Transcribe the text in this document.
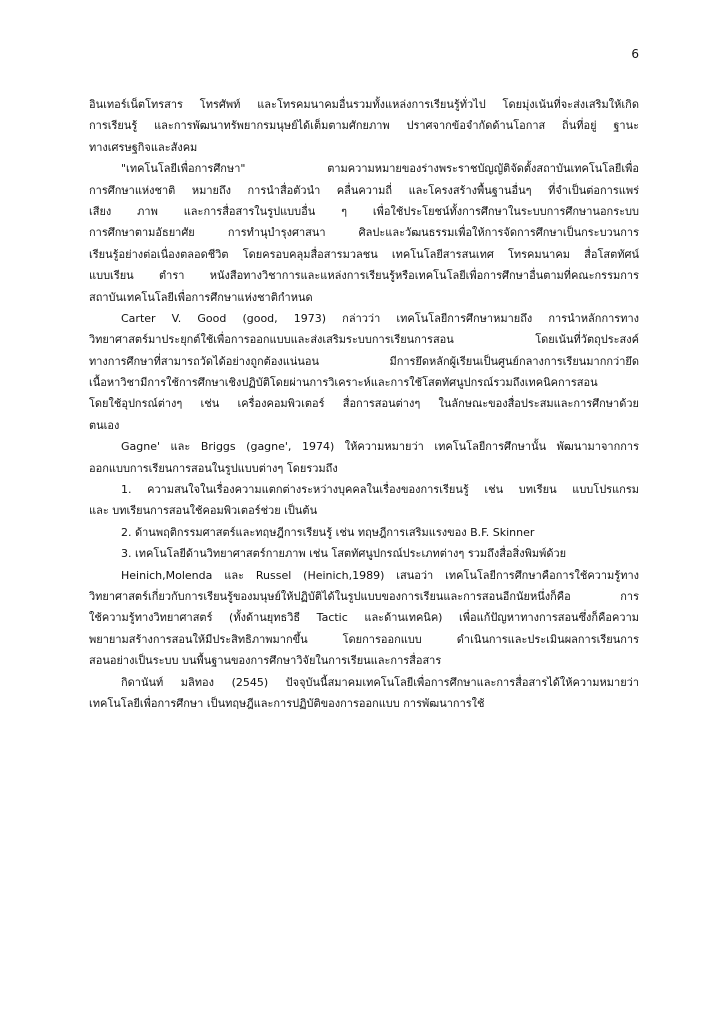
6
อินเทอร์เน็ตโทรสาร โทรศัพท์ และโทรคมนาคมอื่นรวมทั้งแหล่งการเรียนรู้ทั่วไป โดยมุ่งเน้นที่จะส่งเสริมให้เกิด
การเรียนรู้ และการพัฒนาทรัพยากรมนุษย์ได้เต็มตามศักยภาพ ปราศจากข้อจำกัดด้านโอกาส ถิ่นที่อยู่ ฐานะ
ทางเศรษฐกิจและสังคม
"เทคโนโลยีเพื่อการศึกษา" ตามความหมายของร่างพระราชบัญญัติจัดตั้งสถาบันเทคโนโลยีเพื่อ
การศึกษาแห่งชาติ หมายถึง การนำสื่อตัวนำ คลื่นความถี่ และโครงสร้างพื้นฐานอื่นๆ ที่จำเป็นต่อการแพร่
เสียง ภาพ และการสื่อสารในรูปแบบอื่น ๆ เพื่อใช้ประโยชน์ทั้งการศึกษาในระบบการศึกษานอกระบบ
การศึกษาตามอัธยาศัย การทำนุบำรุงศาสนา ศิลปะและวัฒนธรรมเพื่อให้การจัดการศึกษาเป็นกระบวนการ
เรียนรู้อย่างต่อเนื่องตลอดชีวิต โดยครอบคลุมสื่อสารมวลชน เทคโนโลยีสารสนเทศ โทรคมนาคม สื่อโสตทัศน์
แบบเรียน ตำรา หนังสือทางวิชาการและแหล่งการเรียนรู้หรือเทคโนโลยีเพื่อการศึกษาอื่นตามที่คณะกรรมการ
สถาบันเทคโนโลยีเพื่อการศึกษาแห่งชาติกำหนด
Carter V. Good (good, 1973) กล่าวว่า เทคโนโลยีการศึกษาหมายถึง การนำหลักการทาง
วิทยาศาสตร์มาประยุกต์ใช้เพื่อการออกแบบและส่งเสริมระบบการเรียนการสอน โดยเน้นที่วัตถุประสงค์
ทางการศึกษาที่สามารถวัดได้อย่างถูกต้องแน่นอน มีการยึดหลักผู้เรียนเป็นศูนย์กลางการเรียนมากกว่ายึด
เนื้อหาวิชามีการใช้การศึกษาเชิงปฏิบัติโดยผ่านการวิเคราะห์และการใช้โสตทัศนูปกรณ์รวมถึงเทคนิคการสอน
โดยใช้อุปกรณ์ต่างๆ เช่น เครื่องคอมพิวเตอร์ สื่อการสอนต่างๆ ในลักษณะของสื่อประสมและการศึกษาด้วย
ตนเอง
Gagne' และ Briggs (gagne', 1974) ให้ความหมายว่า เทคโนโลยีการศึกษานั้น พัฒนามาจากการ
ออกแบบการเรียนการสอนในรูปแบบต่างๆ โดยรวมถึง
1. ความสนใจในเรื่องความแตกต่างระหว่างบุคคลในเรื่องของการเรียนรู้ เช่น บทเรียน แบบโปรแกรม
และ บทเรียนการสอนใช้คอมพิวเตอร์ช่วย เป็นต้น
2. ด้านพฤติกรรมศาสตร์และทฤษฎีการเรียนรู้ เช่น ทฤษฎีการเสริมแรงของ B.F. Skinner
3. เทคโนโลยีด้านวิทยาศาสตร์กายภาพ เช่น โสตทัศนูปกรณ์ประเภทต่างๆ รวมถึงสื่อสิ่งพิมพ์ด้วย
Heinich,Molenda และ Russel (Heinich,1989) เสนอว่า เทคโนโลยีการศึกษาคือการใช้ความรู้ทาง
วิทยาศาสตร์เกี่ยวกับการเรียนรู้ของมนุษย์ให้ปฏิบัติได้ในรูปแบบของการเรียนและการสอนอีกนัยหนึ่งก็คือ การ
ใช้ความรู้ทางวิทยาศาสตร์ (ทั้งด้านยุทธวิธี Tactic และด้านเทคนิค) เพื่อแก้ปัญหาทางการสอนซึ่งก็คือความ
พยายามสร้างการสอนให้มีประสิทธิภาพมากขึ้น โดยการออกแบบ ดำเนินการและประเมินผลการเรียนการ
สอนอย่างเป็นระบบ บนพื้นฐานของการศึกษาวิจัยในการเรียนและการสื่อสาร
กิดานันท์ มลิทอง (2545) ปัจจุบันนี้สมาคมเทคโนโลยีเพื่อการศึกษาและการสื่อสารได้ให้ความหมายว่า
เทคโนโลยีเพื่อการศึกษา เป็นทฤษฎีและการปฏิบัติของการออกแบบ การพัฒนาการใช้
